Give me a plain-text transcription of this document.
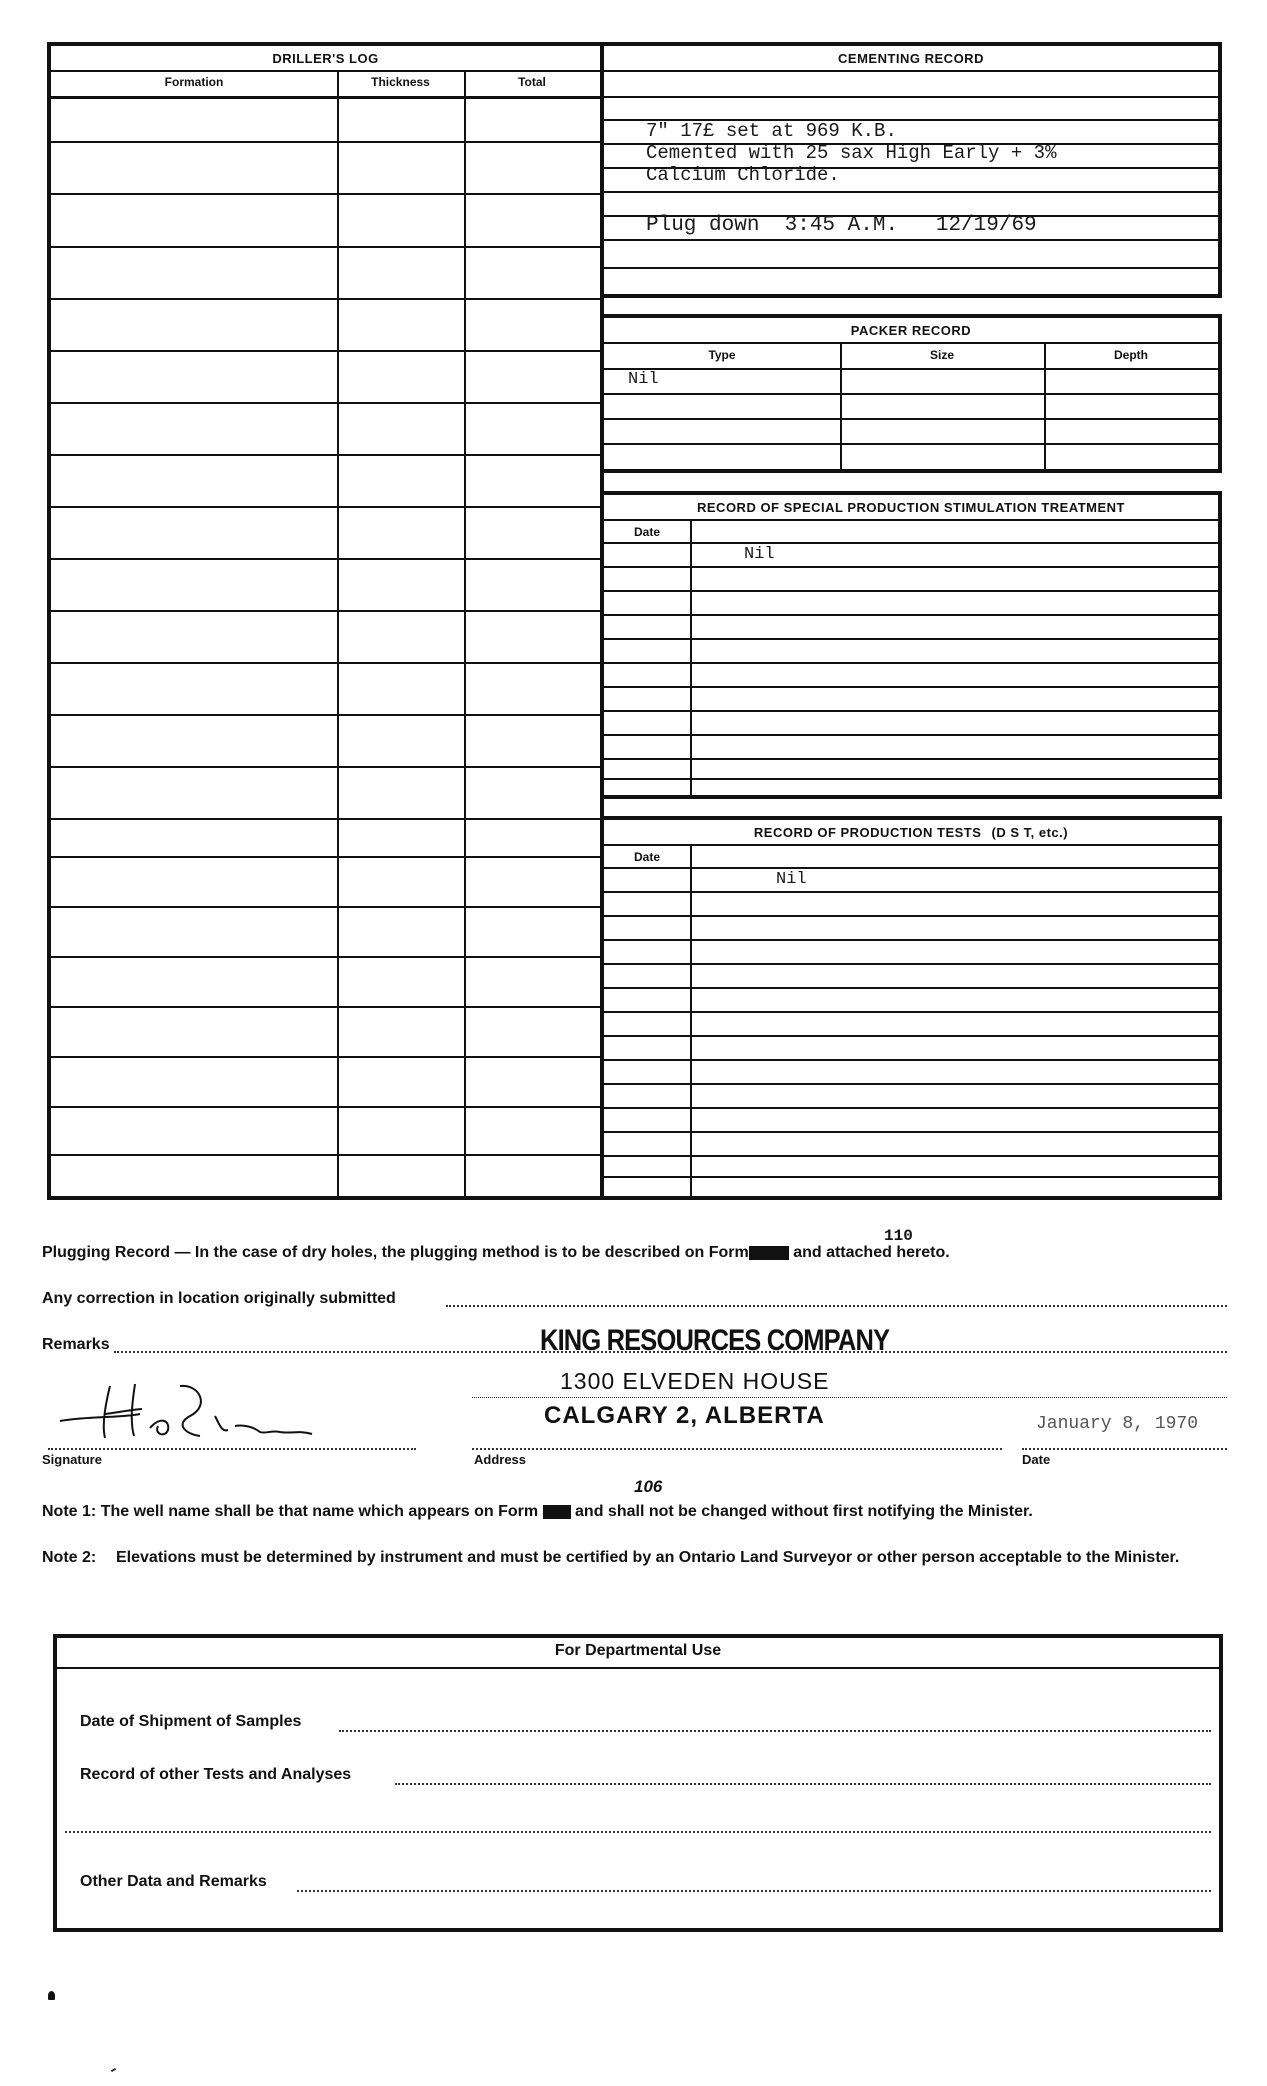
DRILLER'S LOG
Formation	Thickness	Total
CEMENTING RECORD
7" 17£ set at 969 K.B.
Cemented with 25 sax High Early + 3%
Calcium Chloride.
Plug down  3:45 A.M.   12/19/69
PACKER RECORD
Type	Size	Depth
Nil
RECORD OF SPECIAL PRODUCTION STIMULATION TREATMENT
Date
Nil
RECORD OF PRODUCTION TESTS (D S T, etc.)
Date
Nil
110
Plugging Record — In the case of dry holes, the plugging method is to be described on Form	and attached hereto.
Any correction in location originally submitted
Remarks	KING RESOURCES COMPANY
1300 ELVEDEN HOUSE
CALGARY 2, ALBERTA	January 8, 1970
Signature	Address	Date
106
Note 1: The well name shall be that name which appears on Form and shall not be changed without first notifying the Minister.
Note 2: Elevations must be determined by instrument and must be certified by an Ontario Land Surveyor or other person acceptable to the Minister.
For Departmental Use
Date of Shipment of Samples
Record of other Tests and Analyses
Other Data and Remarks
